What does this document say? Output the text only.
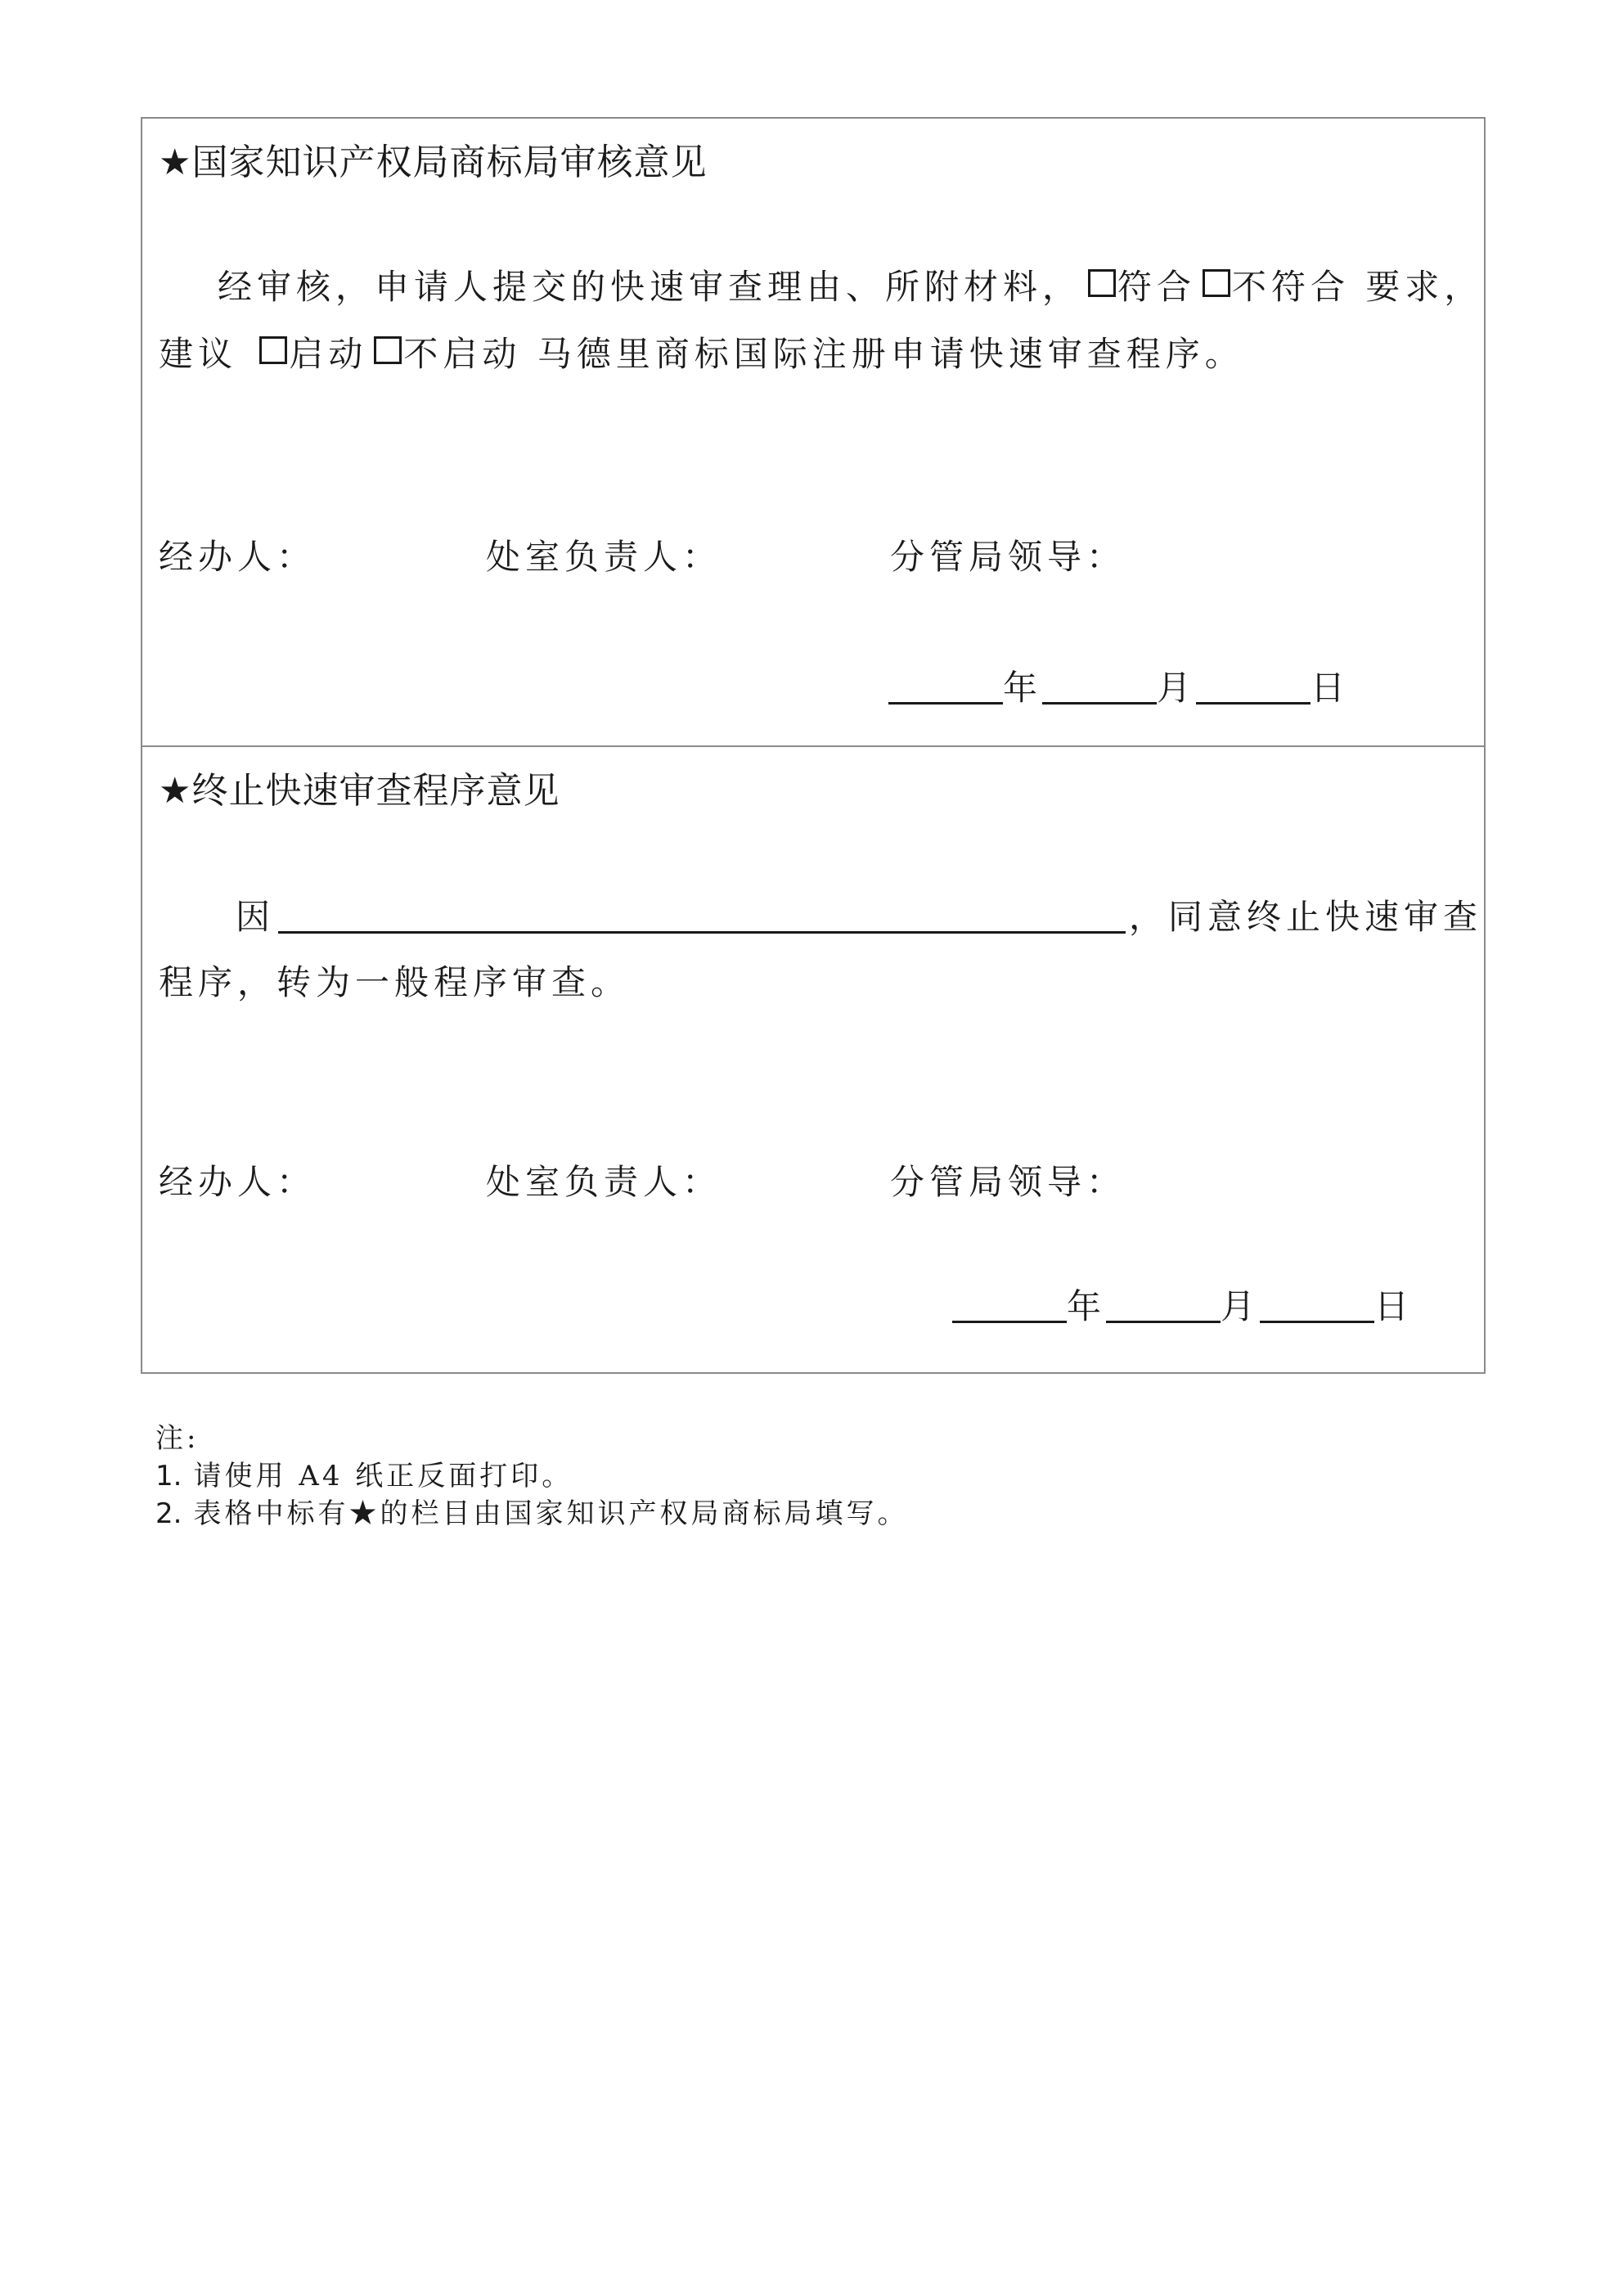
★国家知识产权局商标局审核意见
经审核，申请人提交的快速审查理由、所附材料， 符合 不符合 要求，
建议 启动 不启动 马德里商标国际注册申请快速审查程序。
经办人：	处室负责人：	分管局领导：
年	月	日
★终止快速审查程序意见
因	，同意终止快速审查
程序，转为一般程序审查。
经办人：	处室负责人：	分管局领导：
年	月	日
注:
1. 请使用 A4 纸正反面打印。
2. 表格中标有★的栏目由国家知识产权局商标局填写。
